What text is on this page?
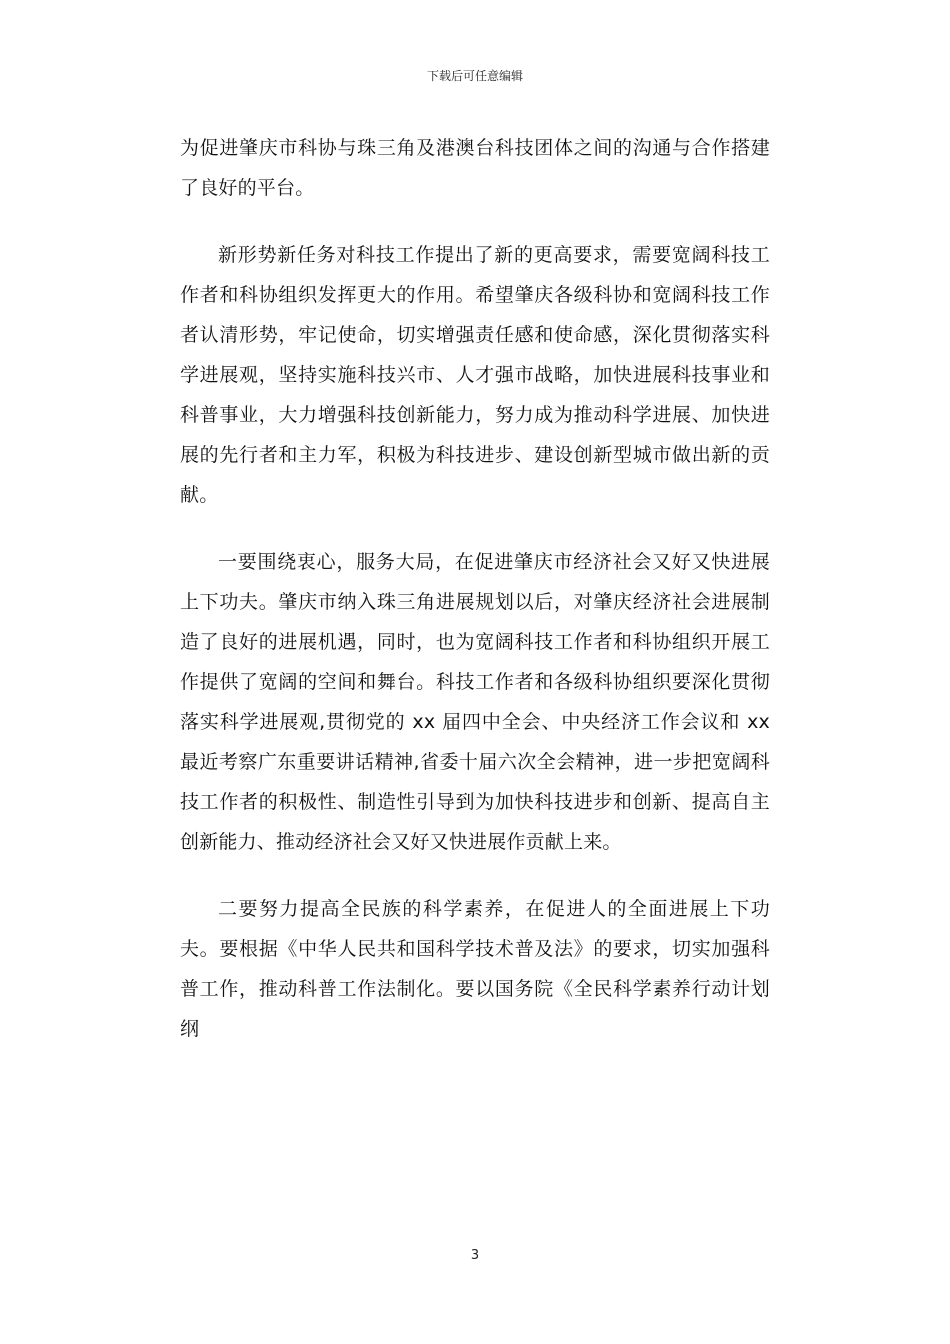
下载后可任意编辑

为促进肇庆市科协与珠三角及港澳台科技团体之间的沟通与合作搭建了良好的平台。

新形势新任务对科技工作提出了新的更高要求，需要宽阔科技工作者和科协组织发挥更大的作用。希望肇庆各级科协和宽阔科技工作者认清形势，牢记使命，切实增强责任感和使命感，深化贯彻落实科学进展观，坚持实施科技兴市、人才强市战略，加快进展科技事业和科普事业，大力增强科技创新能力，努力成为推动科学进展、加快进展的先行者和主力军，积极为科技进步、建设创新型城市做出新的贡献。

一要围绕衷心，服务大局，在促进肇庆市经济社会又好又快进展上下功夫。肇庆市纳入珠三角进展规划以后，对肇庆经济社会进展制造了良好的进展机遇，同时，也为宽阔科技工作者和科协组织开展工作提供了宽阔的空间和舞台。科技工作者和各级科协组织要深化贯彻落实科学进展观,贯彻党的 xx 届四中全会、中央经济工作会议和 xx 最近考察广东重要讲话精神,省委十届六次全会精神，进一步把宽阔科技工作者的积极性、制造性引导到为加快科技进步和创新、提高自主创新能力、推动经济社会又好又快进展作贡献上来。

二要努力提高全民族的科学素养，在促进人的全面进展上下功夫。要根据《中华人民共和国科学技术普及法》的要求，切实加强科普工作，推动科普工作法制化。要以国务院《全民科学素养行动计划纲

3
